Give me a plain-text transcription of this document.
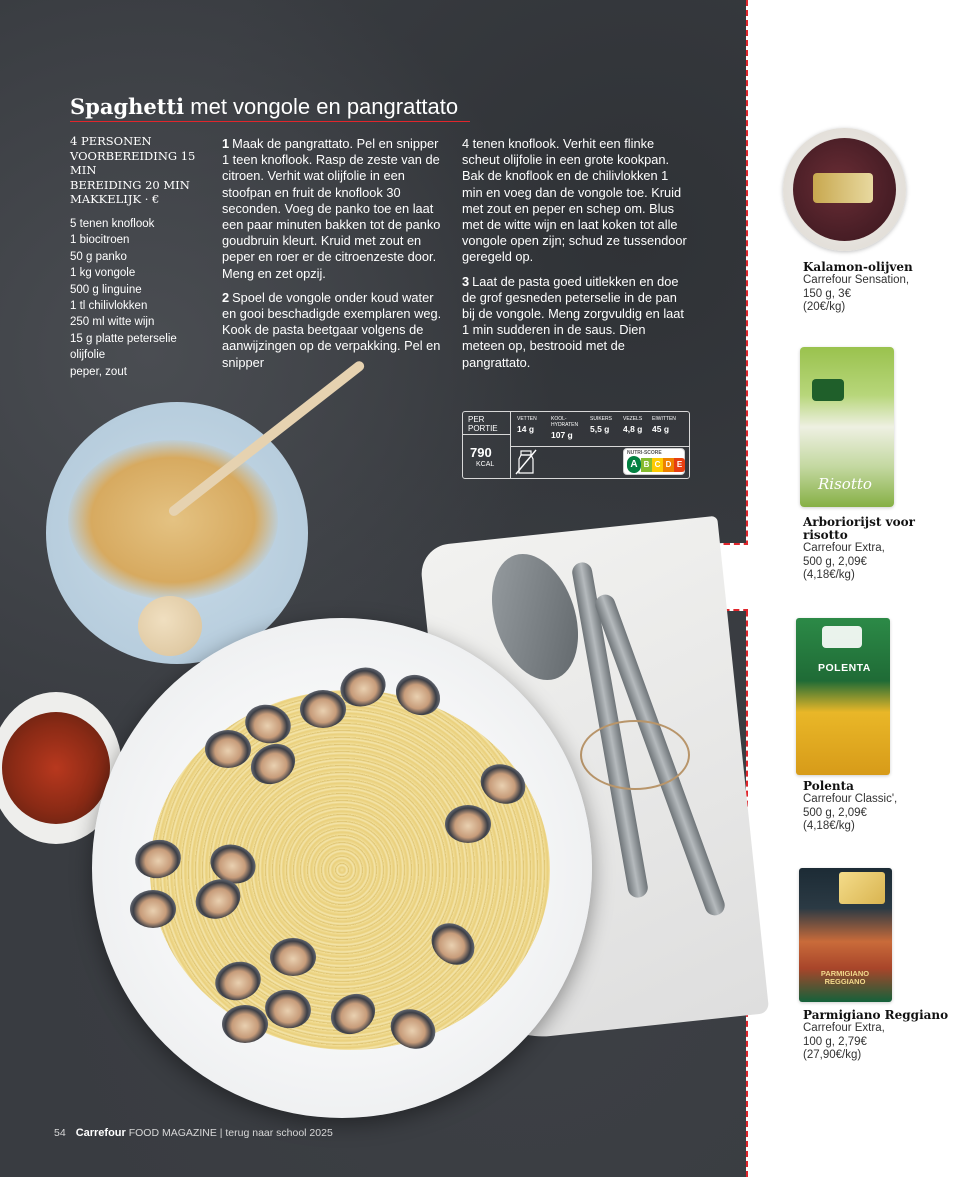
Spaghetti met vongole en pangrattato
4 PERSONEN
VOORBEREIDING 15 MIN
BEREIDING 20 MIN
MAKKELIJK · €
5 tenen knoflook
1 biocitroen
50 g panko
1 kg vongole
500 g linguine
1 tl chilivlokken
250 ml witte wijn
15 g platte peterselie
olijfolie
peper, zout

1 Maak de pangrattato. Pel en snipper 1 teen knoflook. Rasp de zeste van de citroen. Verhit wat olijfolie in een stoofpan en fruit de knoflook 30 seconden. Voeg de panko toe en laat een paar minuten bakken tot de panko goudbruin kleurt. Kruid met zout en peper en roer er de citroenzeste door. Meng en zet opzij.

2 Spoel de vongole onder koud water en gooi beschadigde exemplaren weg. Kook de pasta beetgaar volgens de aanwijzingen op de verpakking. Pel en snipper

4 tenen knoflook. Verhit een flinke scheut olijfolie in een grote kookpan. Bak de knoflook en de chilivlokken 1 min en voeg dan de vongole toe. Kruid met zout en peper en schep om. Blus met de witte wijn en laat koken tot alle vongole open zijn; schud ze tussendoor geregeld op.

3 Laat de pasta goed uitlekken en doe de grof gesneden peterselie in de pan bij de vongole. Meng zorgvuldig en laat 1 min sudderen in de saus. Dien meteen op, bestrooid met de pangrattato.

PER
PORTIE
790
KCAL
VETTEN
14 g
KOOL- HYDRATEN
107 g
SUIKERS
5,5 g
VEZELS
4,8 g
EIWITTEN
45 g
NUTRI-SCORE
A B C D E
54 Carrefour FOOD MAGAZINE | terug naar school 2025
Kalamon-olijven
Carrefour Sensation,
150 g, 3€
(20€/kg)
Risotto
Arboriorijst voor risotto
Carrefour Extra,
500 g, 2,09€
(4,18€/kg)
POLENTA
Polenta
Carrefour Classic',
500 g, 2,09€
(4,18€/kg)
PARMIGIANO REGGIANO
Parmigiano Reggiano
Carrefour Extra,
100 g, 2,79€
(27,90€/kg)
